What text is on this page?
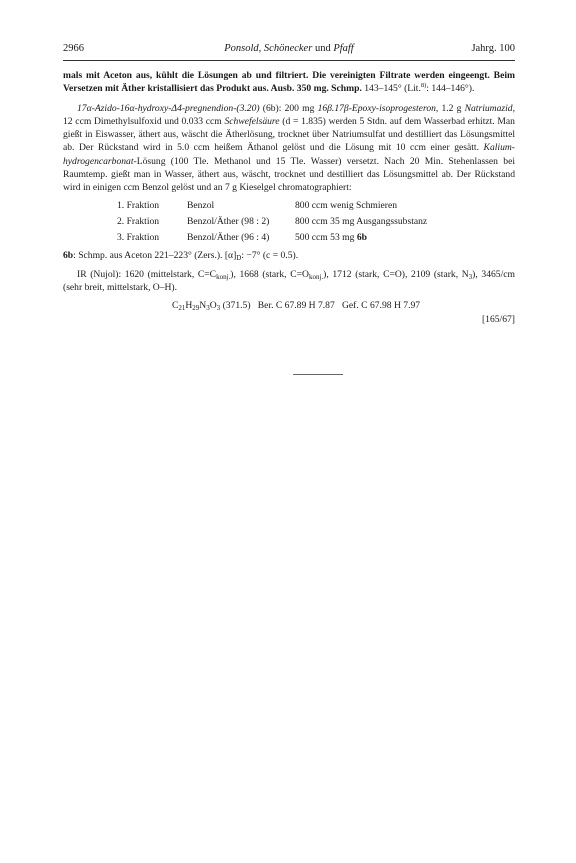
2966	Ponsold, Schönecker und Pfaff	Jahrg. 100

mals mit Aceton aus, kühlt die Lösungen ab und filtriert. Die vereinigten Filtrate werden eingeengt. Beim Versetzen mit Äther kristallisiert das Produkt aus. Ausb. 350 mg. Schmp. 143–145° (Lit.$^{8)}$: 144–146°).

17α-Azido-16α-hydroxy-Δ4-pregnendion-(3.20) (6b): 200 mg 16β.17β-Epoxy-isoprogesteron, 1.2 g Natriumazid, 12 ccm Dimethylsulfoxid und 0.033 ccm Schwefelsäure (d = 1.835) werden 5 Stdn. auf dem Wasserbad erhitzt. Man gießt in Eiswasser, äthert aus, wäscht die Ätherlösung, trocknet über Natriumsulfat und destilliert das Lösungsmittel ab. Der Rückstand wird in 5.0 ccm heißem Äthanol gelöst und die Lösung mit 10 ccm einer gesätt. Kalium-hydrogencarbonat-Lösung (100 Tle. Methanol und 15 Tle. Wasser) versetzt. Nach 20 Min. Stehenlassen bei Raumtemp. gießt man in Wasser, äthert aus, wäscht, trocknet und destilliert das Lösungsmittel ab. Der Rückstand wird in einigen ccm Benzol gelöst und an 7 g Kieselgel chromatographiert:

1. Fraktion	Benzol	800 ccm wenig Schmieren
2. Fraktion	Benzol/Äther (98 : 2)	800 ccm 35 mg Ausgangssubstanz
3. Fraktion	Benzol/Äther (96 : 4)	500 ccm 53 mg 6b

6b: Schmp. aus Aceton 221–223° (Zers.). $[\alpha]_D$: −7° (c = 0.5).

IR (Nujol): 1620 (mittelstark, $C=C_{konj.}$), 1668 (stark, $C=O_{konj.}$), 1712 (stark, C=O), 2109 (stark, $N_3$), 3465/cm (sehr breit, mittelstark, O–H).

$C_{21}H_{29}N_3O_3$ (371.5) Ber. C 67.89 H 7.87 Gef. C 67.98 H 7.97
[165/67]
